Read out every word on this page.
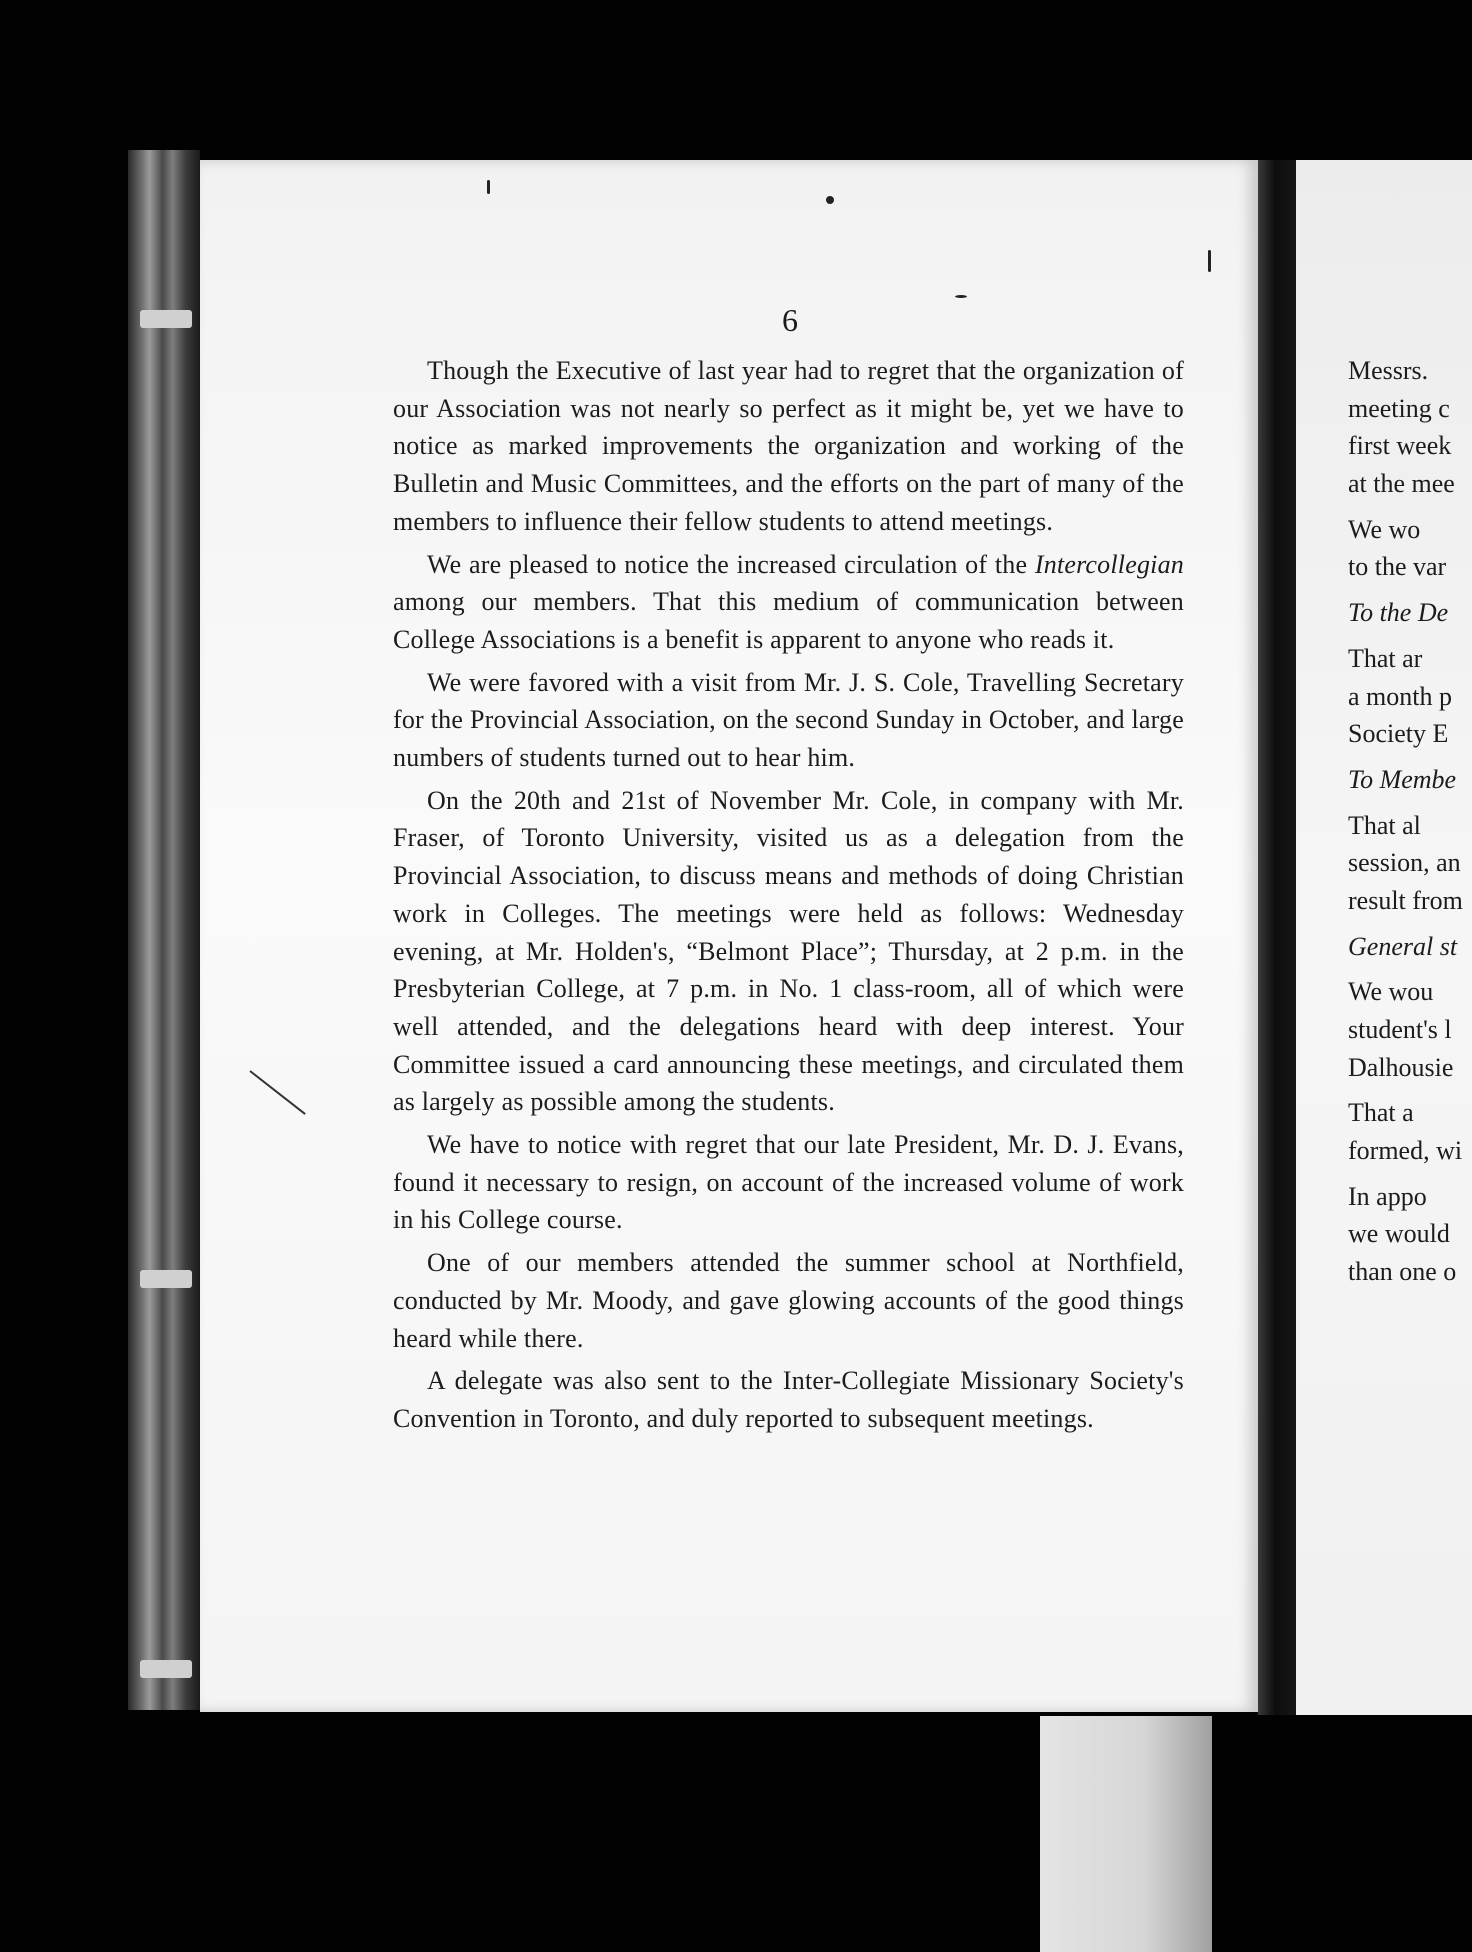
6

Though the Executive of last year had to regret that the organization of our Association was not nearly so perfect as it might be, yet we have to notice as marked improvements the organization and working of the Bulletin and Music Committees, and the efforts on the part of many of the members to influence their fellow students to attend meetings.

We are pleased to notice the increased circulation of the Intercollegian among our members. That this medium of communication between College Associations is a benefit is apparent to anyone who reads it.

We were favored with a visit from Mr. J. S. Cole, Travelling Secretary for the Provincial Association, on the second Sunday in October, and large numbers of students turned out to hear him.

On the 20th and 21st of November Mr. Cole, in company with Mr. Fraser, of Toronto University, visited us as a delegation from the Provincial Association, to discuss means and methods of doing Christian work in Colleges. The meetings were held as follows: Wednesday evening, at Mr. Holden's, “Belmont Place”; Thursday, at 2 p.m. in the Presbyterian College, at 7 p.m. in No. 1 class-room, all of which were well attended, and the delegations heard with deep interest. Your Committee issued a card announcing these meetings, and circulated them as largely as possible among the students.

We have to notice with regret that our late President, Mr. D. J. Evans, found it necessary to resign, on account of the increased volume of work in his College course.

One of our members attended the summer school at Northfield, conducted by Mr. Moody, and gave glowing accounts of the good things heard while there.

A delegate was also sent to the Inter-Collegiate Missionary Society's Convention in Toronto, and duly reported to subsequent meetings.

Messrs.
meeting c
first week
at the mee
We wo
to the var
To the De
That ar
a month p
Society E
To Membe
That al
session, an
result from
General st
We wou
student's l
Dalhousie
That a
formed, wi
In appo
we would
than one o
